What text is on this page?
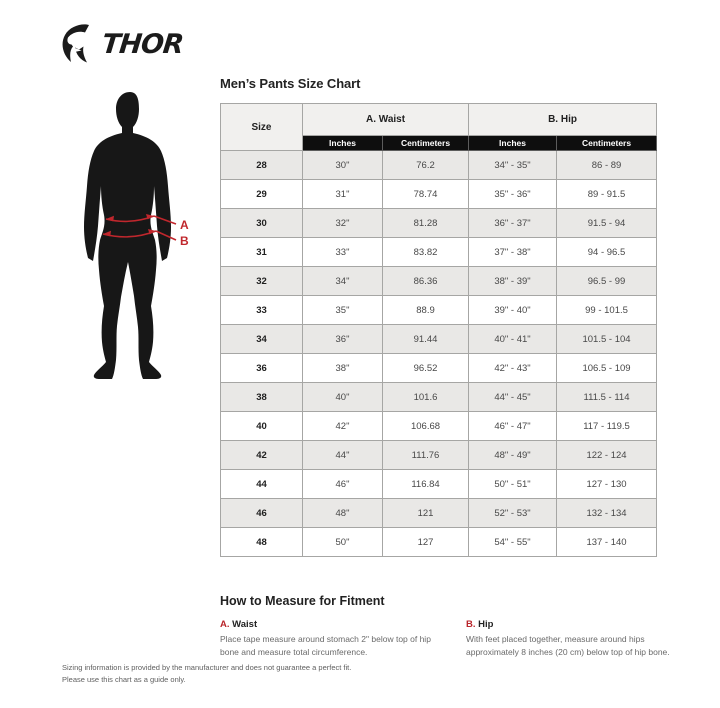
THOR
A
B
Men’s Pants Size Chart
Size	A. Waist		B. Hip	
	Inches	Centimeters	Inches	Centimeters
28	30"	76.2	34" - 35"	86 - 89
29	31"	78.74	35" - 36"	89 - 91.5
30	32"	81.28	36" - 37"	91.5 - 94
31	33"	83.82	37" - 38"	94 - 96.5
32	34"	86.36	38" - 39"	96.5 - 99
33	35"	88.9	39" - 40"	99 - 101.5
34	36"	91.44	40" - 41"	101.5 - 104
36	38"	96.52	42" - 43"	106.5 - 109
38	40"	101.6	44" - 45"	111.5 - 114
40	42"	106.68	46" - 47"	117 - 119.5
42	44"	111.76	48" - 49"	122 - 124
44	46"	116.84	50" - 51"	127 - 130
46	48"	121	52" - 53"	132 - 134
48	50"	127	54" - 55"	137 - 140
How to Measure for Fitment
A. Waist
Place tape measure around stomach 2" below top of hip bone and measure total circumference.
B. Hip
With feet placed together, measure around hips approximately 8 inches (20 cm) below top of hip bone.
Sizing information is provided by the manufacturer and does not guarantee a perfect fit. Please use this chart as a guide only.
